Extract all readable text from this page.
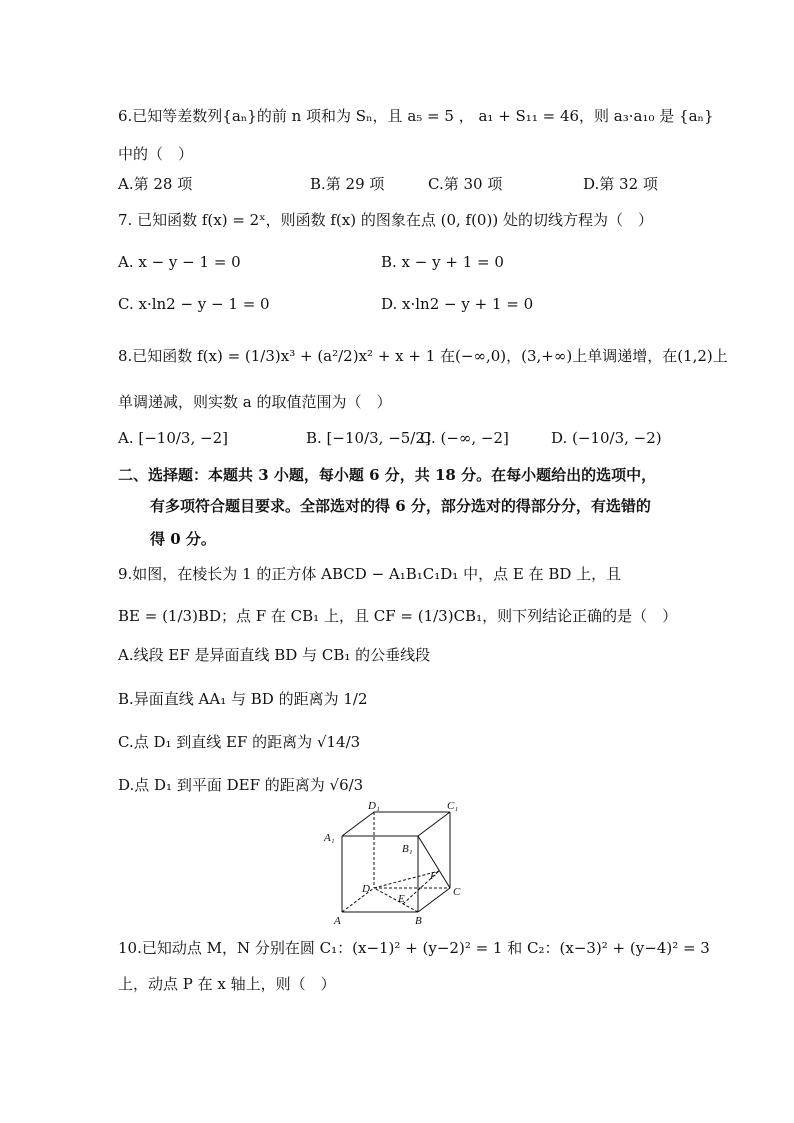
6.已知等差数列{aₙ}的前 n 项和为 Sₙ，且 a₅ = 5 ， a₁ + S₁₁ = 46，则 a₃·a₁₀ 是 {aₙ}
中的（　）
A.第 28 项	B.第 29 项	C.第 30 项	D.第 32 项
7. 已知函数 f(x) = 2ˣ，则函数 f(x) 的图象在点 (0, f(0)) 处的切线方程为（　）
A. x − y − 1 = 0	B. x − y + 1 = 0
C. x·ln2 − y − 1 = 0	D. x·ln2 − y + 1 = 0
8.已知函数 f(x) = (1/3)x³ + (a²/2)x² + x + 1 在(−∞,0)，(3,+∞)上单调递增，在(1,2)上
单调递减，则实数 a 的取值范围为（　）
A. [−10/3, −2]	B. [−10/3, −5/2]
C. (−∞, −2]	D. (−10/3, −2)
二、选择题：本题共 3 小题，每小题 6 分，共 18 分。在每小题给出的选项中，
有多项符合题目要求。全部选对的得 6 分，部分选对的得部分分，有选错的
得 0 分。
9.如图，在棱长为 1 的正方体 ABCD − A₁B₁C₁D₁ 中，点 E 在 BD 上，且
BE = (1/3)BD；点 F 在 CB₁ 上，且 CF = (1/3)CB₁，则下列结论正确的是（　）
A.线段 EF 是异面直线 BD 与 CB₁ 的公垂线段
B.异面直线 AA₁ 与 BD 的距离为 1/2
C.点 D₁ 到直线 EF 的距离为 √14/3
D.点 D₁ 到平面 DEF 的距离为 √6/3
D₁	C₁
A₁
B₁
D
F
C
E
A	B
10.已知动点 M，N 分别在圆 C₁：(x−1)² + (y−2)² = 1 和 C₂：(x−3)² + (y−4)² = 3
上，动点 P 在 x 轴上，则（　）
